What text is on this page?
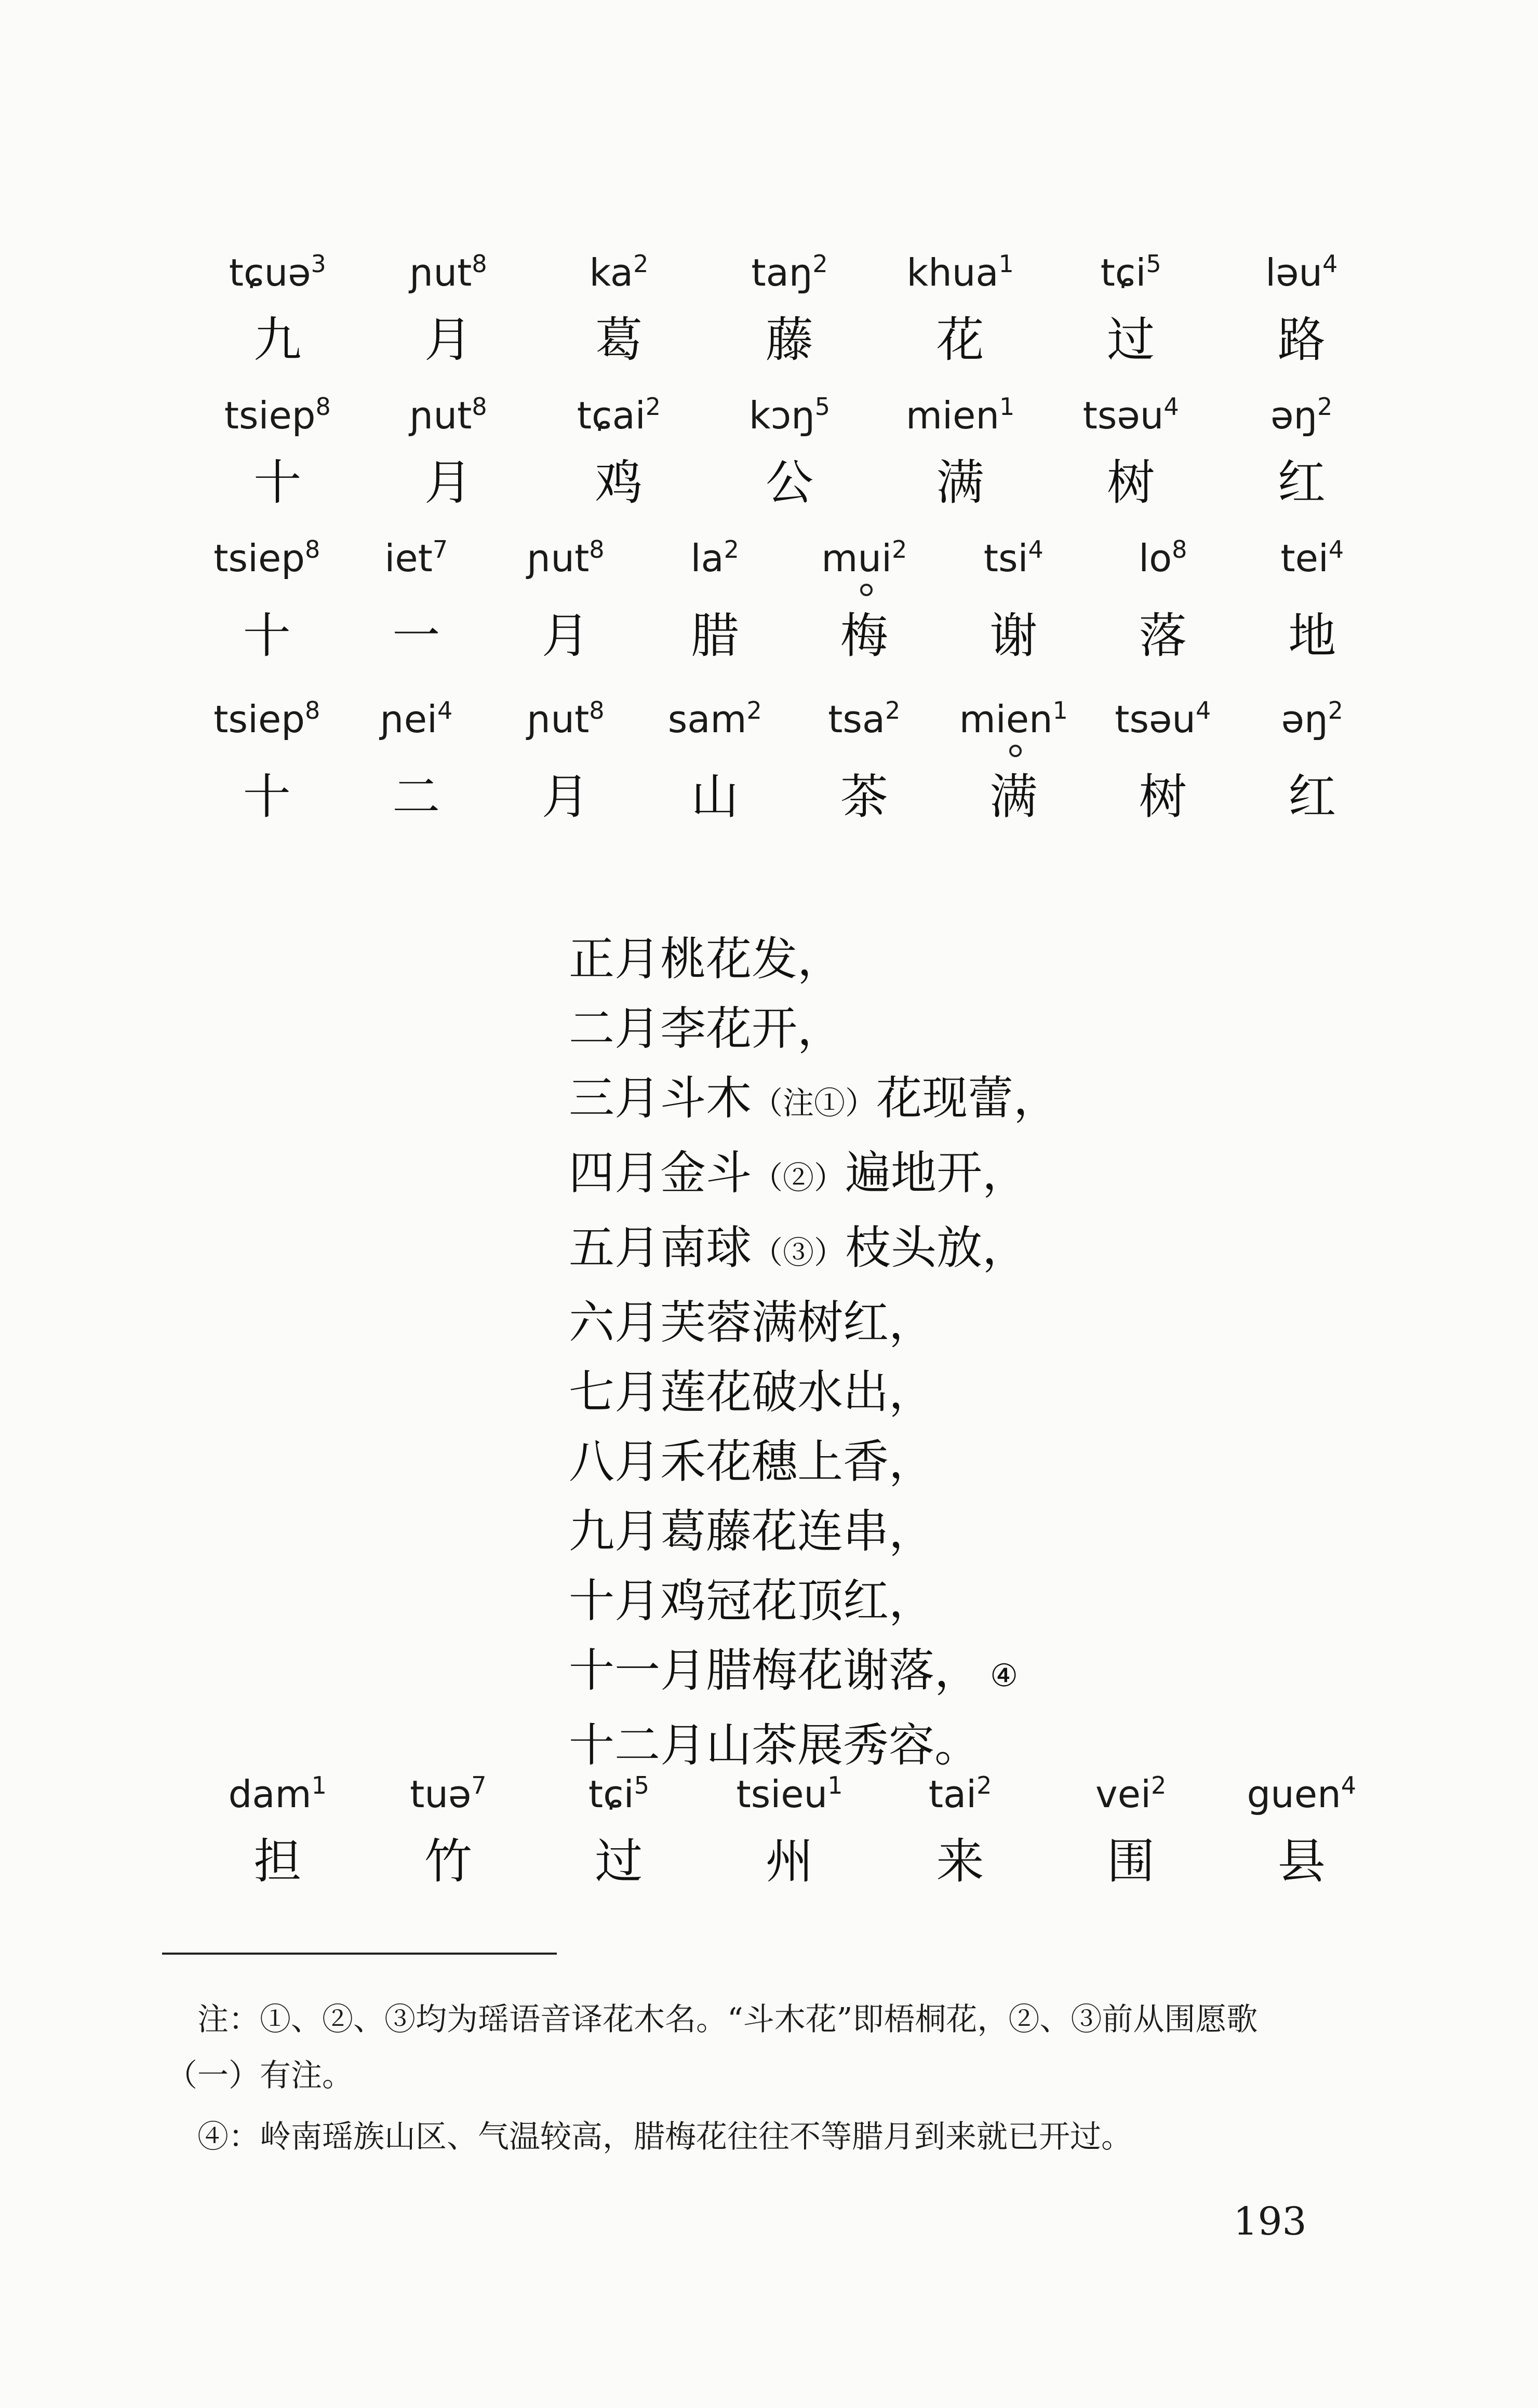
tɕuə$^3$	ɲut$^8$	$ka^2$	taŋ$^2$	khua$^1$	tɕi$^5$	ləu$^4$
九	月	葛	藤	花	过	路
tsiep$^8$	ɲut$^8$	tɕai$^2$	kɔŋ$^5$	mien$^1$	tsəu$^4$	əŋ$^2$
十	月	鸡	公	满	树	红
tsiep$^8$	iet$^7$	ɲut$^8$	$la^2$	mui$^2$	tsi$^4$	$lo^8$	tei$^4$
十	一	月	腊	梅	谢	落	地
tsiep$^8$	ɲei$^4$	ɲut$^8$	sam$^2$	tsa$^2$	mien$^1$	tsəu$^4$	əŋ$^2$
十	二	月	山	茶	满	树	红
正月桃花发，
二月李花开，
三月斗木（注①）花现蕾，
四月金斗（②）遍地开，
五月南球（③）枝头放，
六月芙蓉满树红，
七月莲花破水出，
八月禾花穗上香，
九月葛藤花连串，
十月鸡冠花顶红，
十一月腊梅花谢落， ④
十二月山茶展秀容。
dam$^1$	tuə$^7$	tɕi$^5$	tsieu$^1$	tai$^2$	vei$^2$	guen$^4$
担	竹	过	州	来	围	县
注：①、②、③均为瑶语音译花木名。“斗木花”即梧桐花，②、③前从围愿歌
（一）有注。
④：岭南瑶族山区、气温较高，腊梅花往往不等腊月到来就已开过。
193
